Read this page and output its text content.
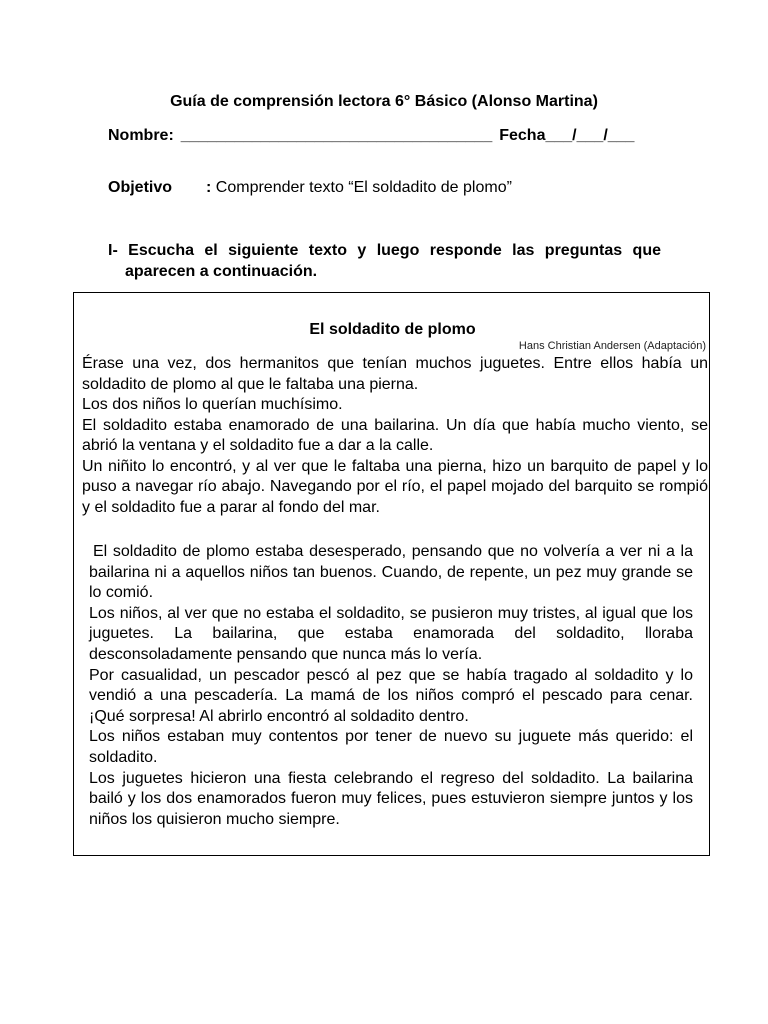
Guía de comprensión lectora 6° Básico (Alonso Martina)
Nombre: ___________________________________ Fecha___/___/___
Objetivo : Comprender texto “El soldadito de plomo”
I- Escucha el siguiente texto y luego responde las preguntas que
aparecen a continuación.
El soldadito de plomo
Hans Christian Andersen (Adaptación)

Érase una vez, dos hermanitos que tenían muchos juguetes. Entre ellos había un soldadito de plomo al que le faltaba una pierna.

Los dos niños lo querían muchísimo.

El soldadito estaba enamorado de una bailarina. Un día que había mucho viento, se abrió la ventana y el soldadito fue a dar a la calle.

Un niñito lo encontró, y al ver que le faltaba una pierna, hizo un barquito de papel y lo puso a navegar río abajo. Navegando por el río, el papel mojado del barquito se rompió y el soldadito fue a parar al fondo del mar.

El soldadito de plomo estaba desesperado, pensando que no volvería a ver ni a la bailarina ni a aquellos niños tan buenos. Cuando, de repente, un pez muy grande se lo comió.

Los niños, al ver que no estaba el soldadito, se pusieron muy tristes, al igual que los juguetes. La bailarina, que estaba enamorada del soldadito, lloraba desconsoladamente pensando que nunca más lo vería.

Por casualidad, un pescador pescó al pez que se había tragado al soldadito y lo vendió a una pescadería. La mamá de los niños compró el pescado para cenar. ¡Qué sorpresa! Al abrirlo encontró al soldadito dentro.

Los niños estaban muy contentos por tener de nuevo su juguete más querido: el soldadito.

Los juguetes hicieron una fiesta celebrando el regreso del soldadito. La bailarina bailó y los dos enamorados fueron muy felices, pues estuvieron siempre juntos y los niños los quisieron mucho siempre.
